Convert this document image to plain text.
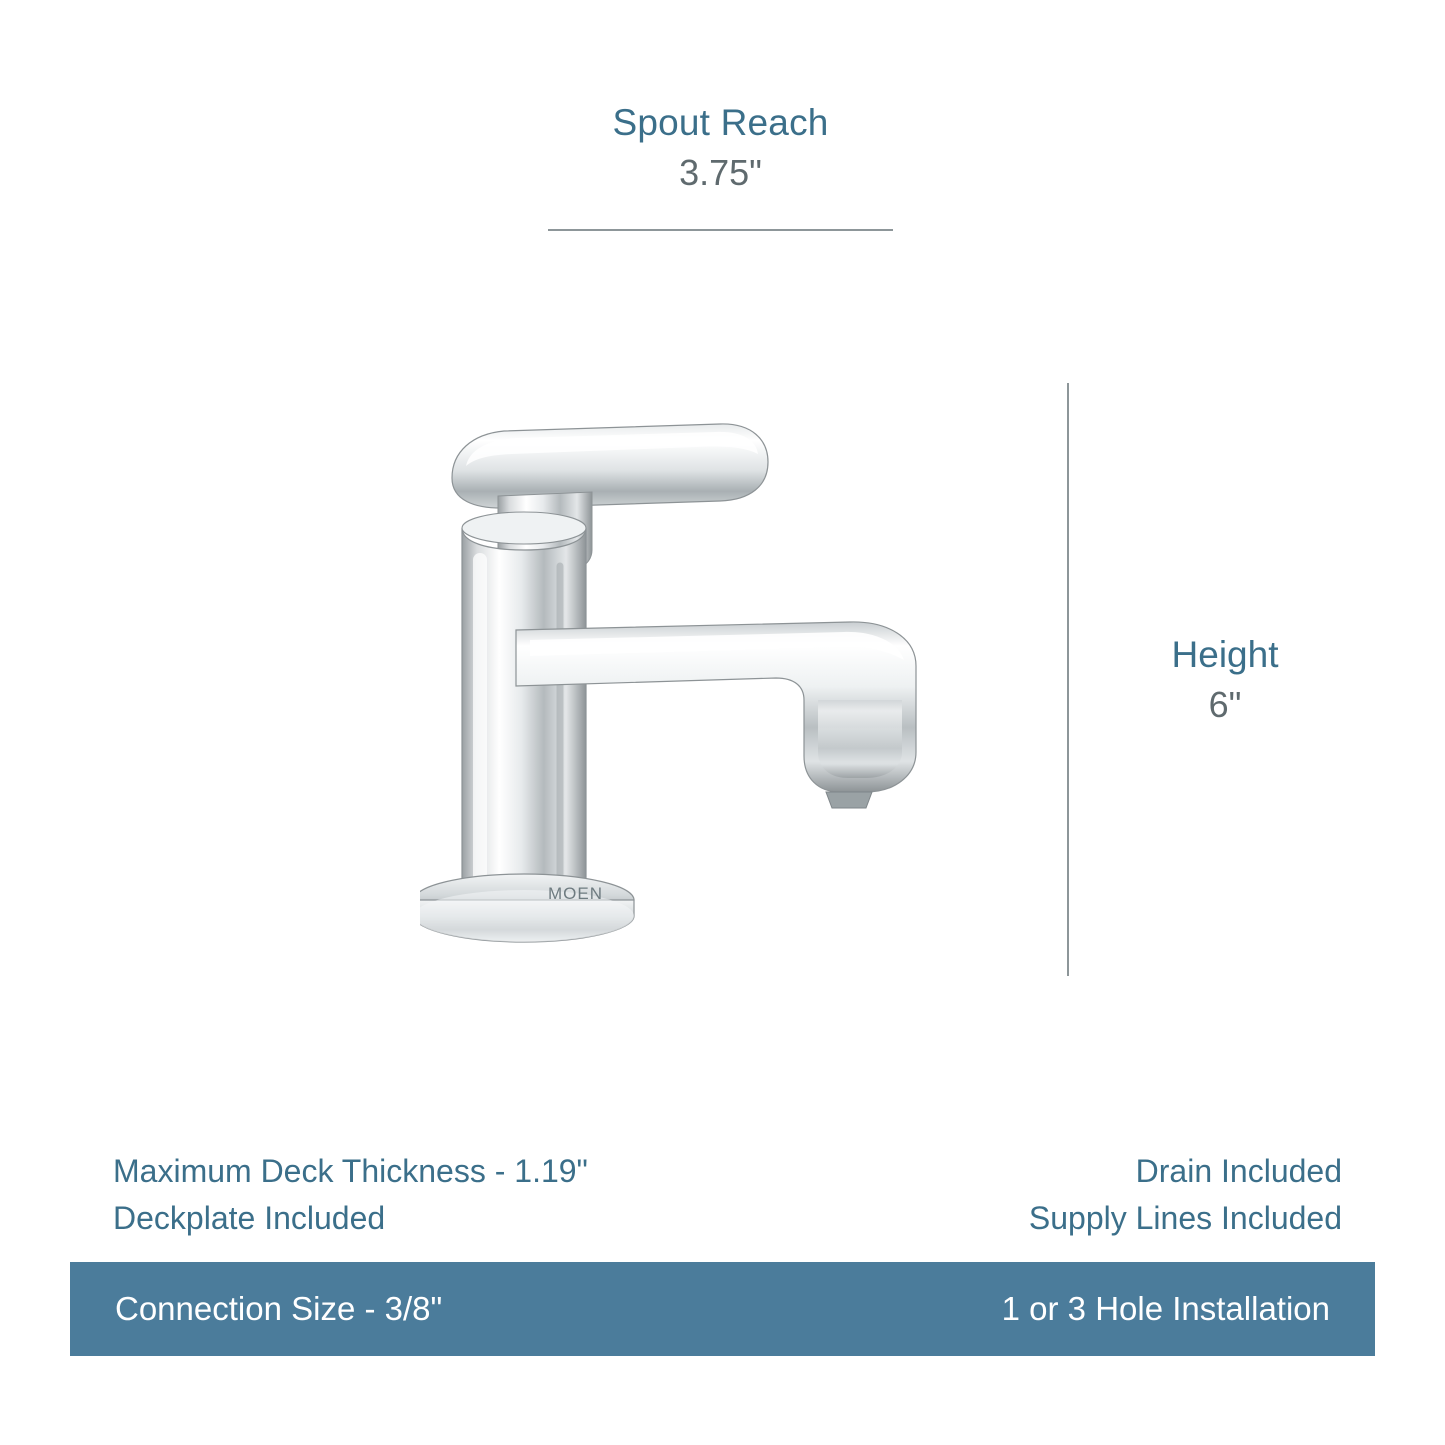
Spout Reach
3.75"
Height
6"
MOEN
Maximum Deck Thickness - 1.19"
Deckplate Included
Drain Included
Supply Lines Included
Connection Size - 3/8"	1 or 3 Hole Installation
